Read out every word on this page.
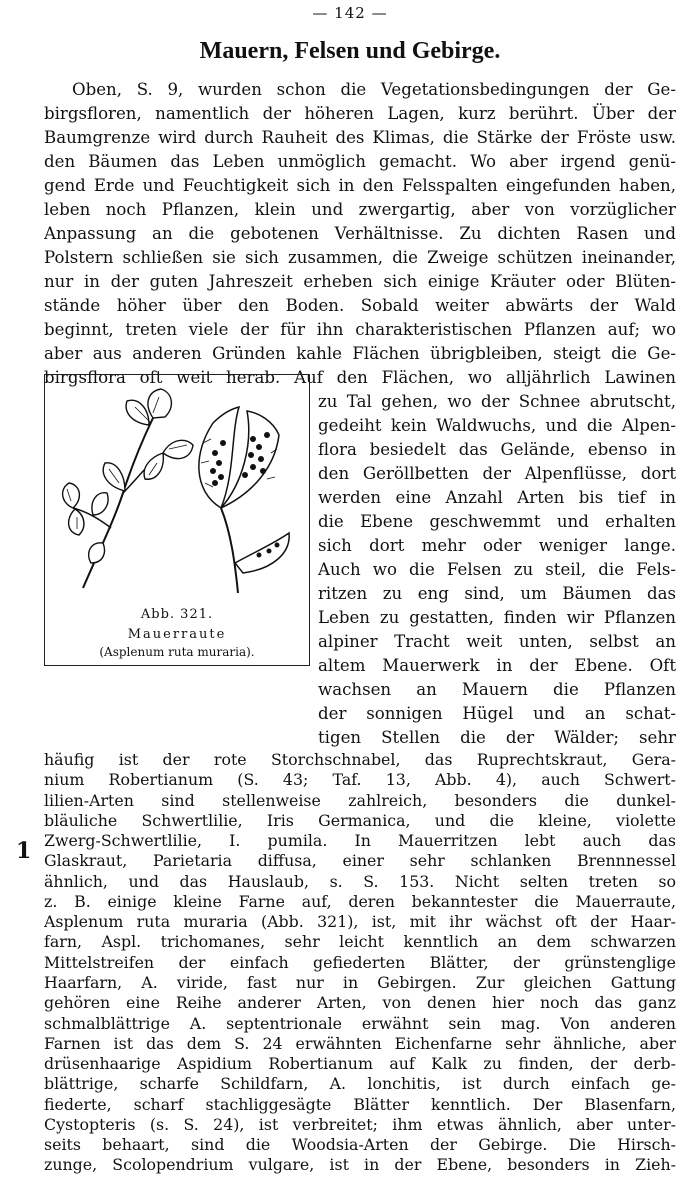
— 142 —
Mauern, Felsen und Gebirge.
1
Oben, S. 9, wurden schon die Vegetationsbedingungen der Ge-
birgsfloren, namentlich der höheren Lagen, kurz berührt. Über der
Baumgrenze wird durch Rauheit des Klimas, die Stärke der Fröste usw.
den Bäumen das Leben unmöglich gemacht. Wo aber irgend genü-
gend Erde und Feuchtigkeit sich in den Felsspalten eingefunden haben,
leben noch Pflanzen, klein und zwergartig, aber von vorzüglicher
Anpassung an die gebotenen Verhältnisse. Zu dichten Rasen und
Polstern schließen sie sich zusammen, die Zweige schützen ineinander,
nur in der guten Jahreszeit erheben sich einige Kräuter oder Blüten-
stände höher über den Boden. Sobald weiter abwärts der Wald
beginnt, treten viele der für ihn charakteristischen Pflanzen auf; wo
aber aus anderen Gründen kahle Flächen übrigbleiben, steigt die Ge-
birgsflora oft weit herab. Auf den Flächen, wo alljährlich Lawinen
Abb. 321.
Mauerraute
(Asplenum ruta muraria).
zu Tal gehen, wo der Schnee abrutscht,
gedeiht kein Waldwuchs, und die Alpen-
flora besiedelt das Gelände, ebenso in
den Geröllbetten der Alpenflüsse, dort
werden eine Anzahl Arten bis tief in
die Ebene geschwemmt und erhalten
sich dort mehr oder weniger lange.
Auch wo die Felsen zu steil, die Fels-
ritzen zu eng sind, um Bäumen das
Leben zu gestatten, finden wir Pflanzen
alpiner Tracht weit unten, selbst an
altem Mauerwerk in der Ebene. Oft
wachsen an Mauern die Pflanzen
der sonnigen Hügel und an schat-
tigen Stellen die der Wälder; sehr
häufig ist der rote Storchschnabel, das Ruprechtskraut, Gera-
nium Robertianum (S. 43; Taf. 13, Abb. 4), auch Schwert-
lilien-Arten sind stellenweise zahlreich, besonders die dunkel-
bläuliche Schwertlilie, Iris Germanica, und die kleine, violette
Zwerg-Schwertlilie, I. pumila. In Mauerritzen lebt auch das
Glaskraut, Parietaria diffusa, einer sehr schlanken Brennnessel
ähnlich, und das Hauslaub, s. S. 153. Nicht selten treten so
z. B. einige kleine Farne auf, deren bekanntester die Mauerraute,
Asplenum ruta muraria (Abb. 321), ist, mit ihr wächst oft der Haar-
farn, Aspl. trichomanes, sehr leicht kenntlich an dem schwarzen
Mittelstreifen der einfach gefiederten Blätter, der grünstenglige
Haarfarn, A. viride, fast nur in Gebirgen. Zur gleichen Gattung
gehören eine Reihe anderer Arten, von denen hier noch das ganz
schmalblättrige A. septentrionale erwähnt sein mag. Von anderen
Farnen ist das dem S. 24 erwähnten Eichenfarne sehr ähnliche, aber
drüsenhaarige Aspidium Robertianum auf Kalk zu finden, der derb-
blättrige, scharfe Schildfarn, A. lonchitis, ist durch einfach ge-
fiederte, scharf stachliggesägte Blätter kenntlich. Der Blasenfarn,
Cystopteris (s. S. 24), ist verbreitet; ihm etwas ähnlich, aber unter-
seits behaart, sind die Woodsia-Arten der Gebirge. Die Hirsch-
zunge, Scolopendrium vulgare, ist in der Ebene, besonders in Zieh-
